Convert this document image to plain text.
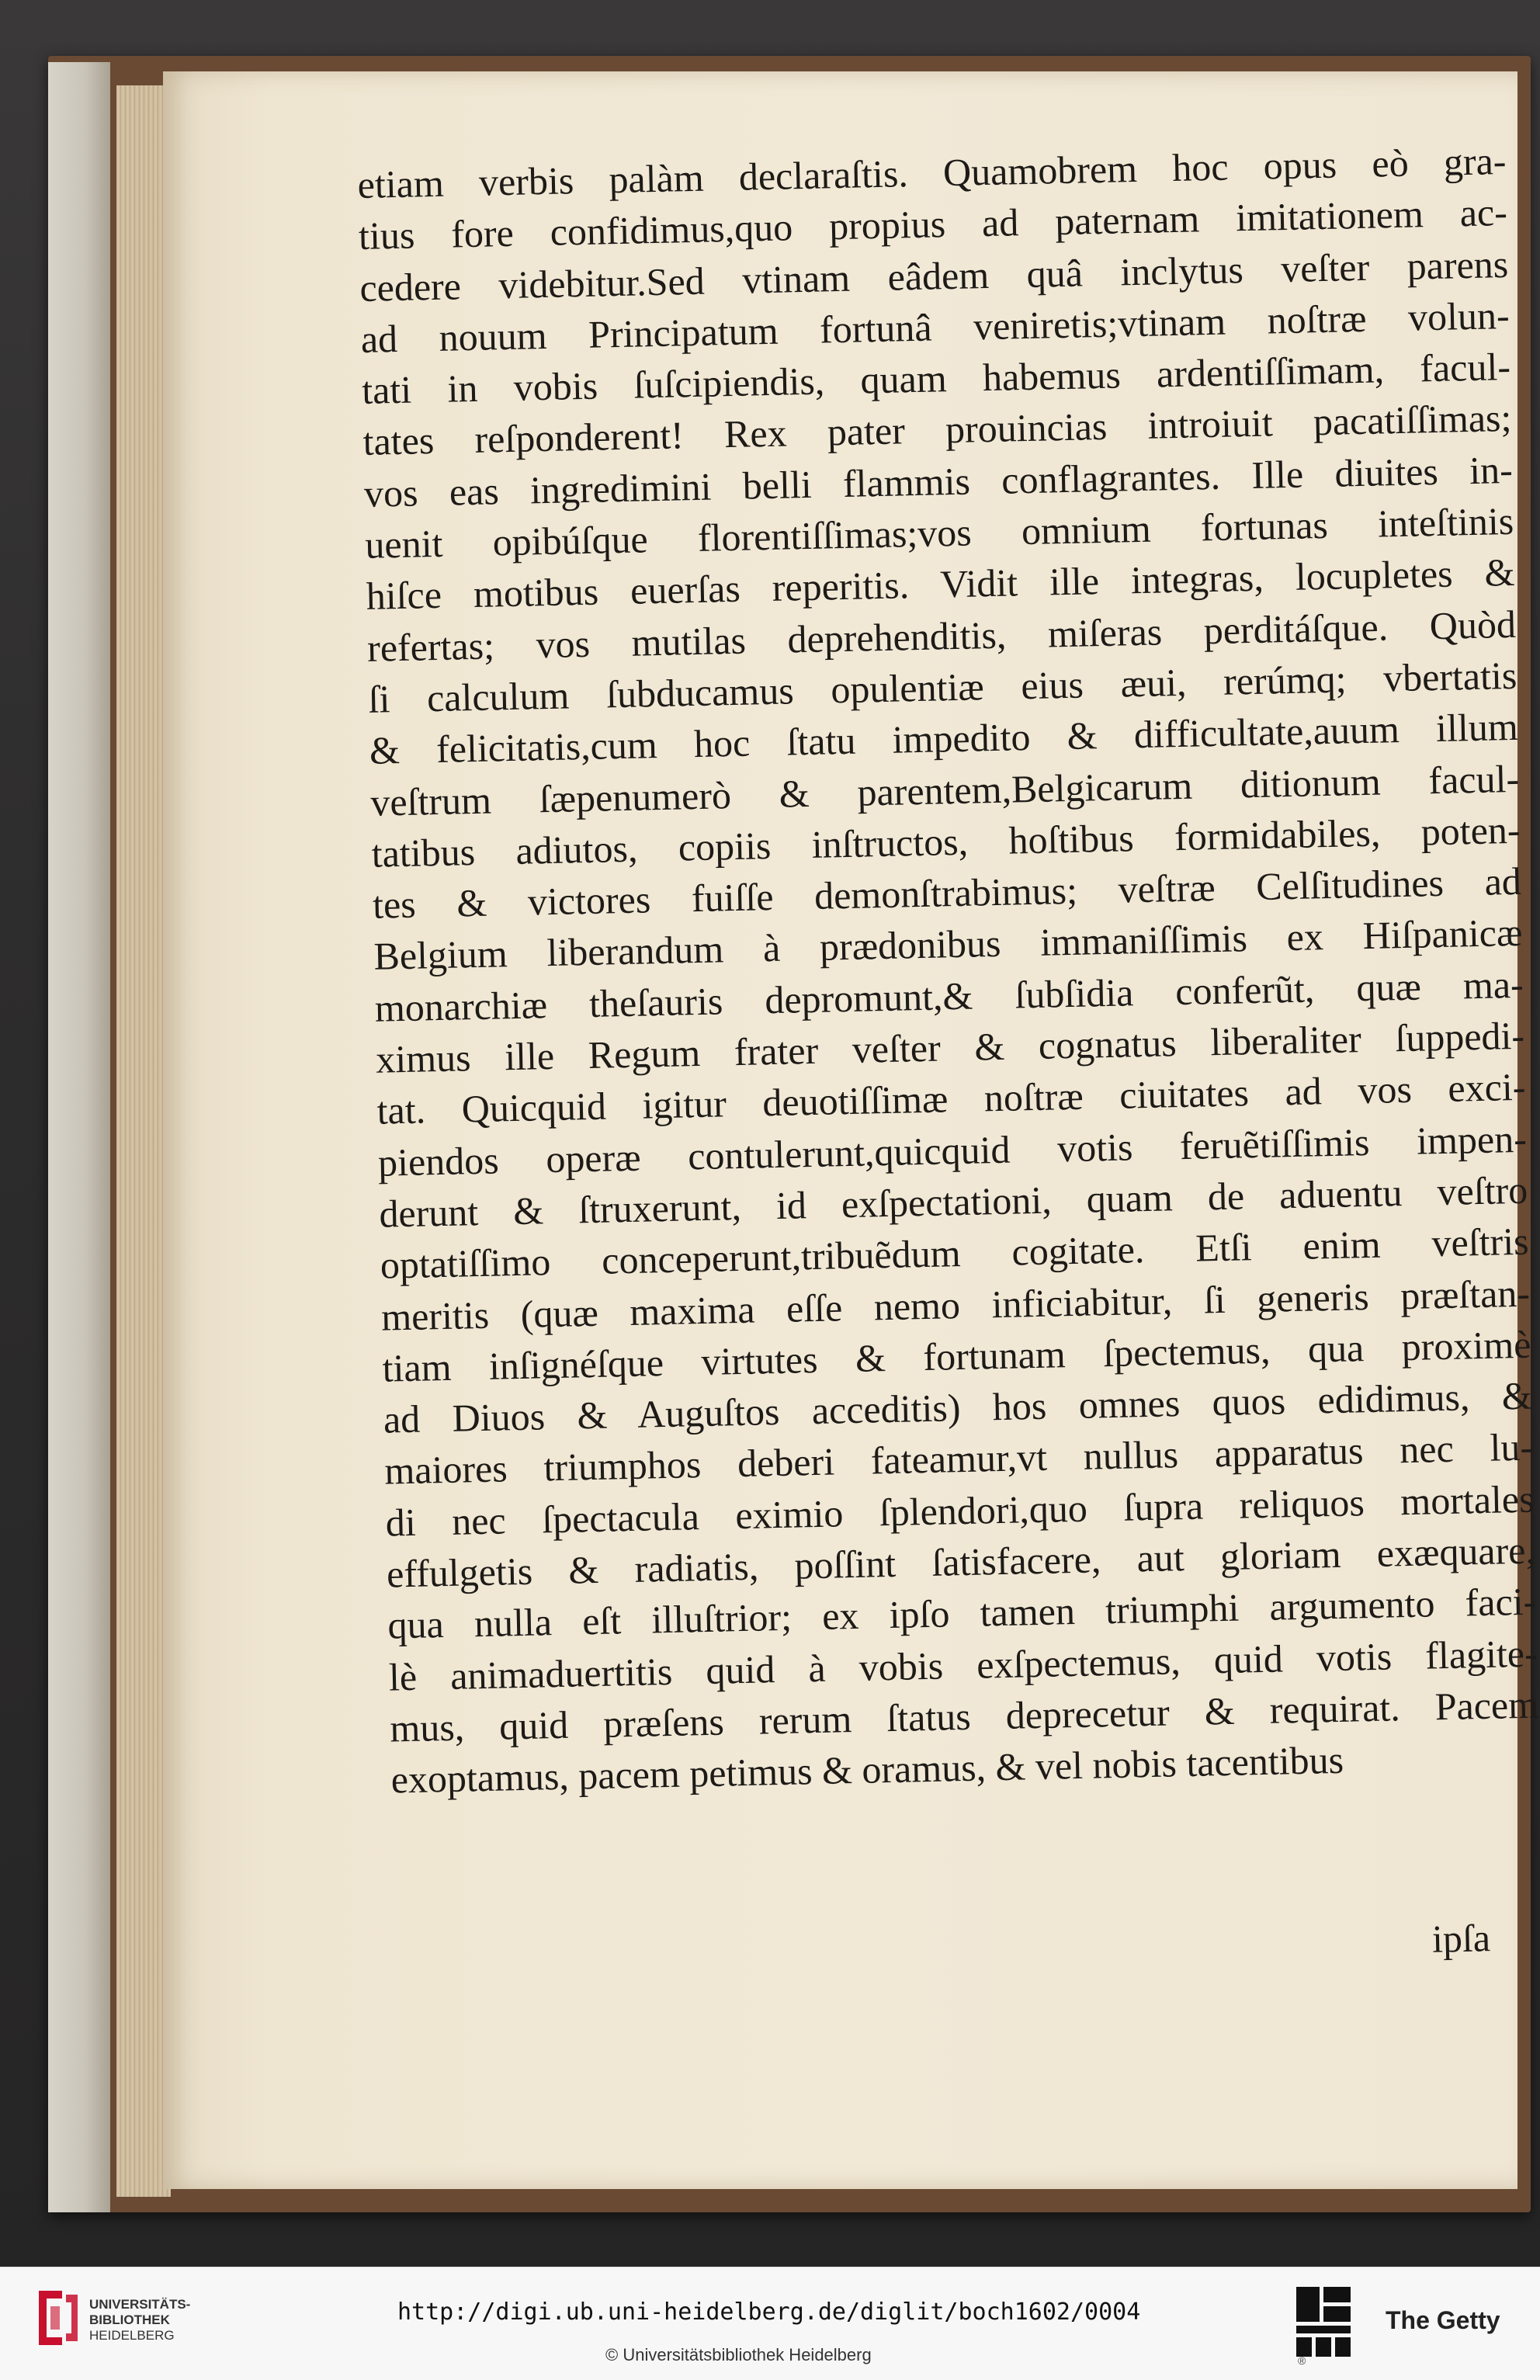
etiam verbis palàm declaraſtis. Quamobrem hoc opus eò gra-
tius fore confidimus,quo propius ad paternam imitationem ac-
cedere videbitur.Sed vtinam eâdem quâ inclytus veſter parens
ad nouum Principatum fortunâ veniretis;vtinam noſtræ volun-
tati in vobis ſuſcipiendis, quam habemus ardentiſſimam, facul-
tates reſponderent! Rex pater prouincias introiuit pacatiſſimas;
vos eas ingredimini belli flammis conflagrantes. Ille diuites in-
uenit opibúſque florentiſſimas;vos omnium fortunas inteſtinis
hiſce motibus euerſas reperitis. Vidit ille integras, locupletes &
refertas; vos mutilas deprehenditis, miſeras perditáſque. Quòd
ſi calculum ſubducamus opulentiæ eius æui, rerúmq; vbertatis
& felicitatis,cum hoc ſtatu impedito & difficultate,auum illum
veſtrum ſæpenumerò & parentem,Belgicarum ditionum facul-
tatibus adiutos, copiis inſtructos, hoſtibus formidabiles, poten-
tes & victores fuiſſe demonſtrabimus; veſtræ Celſitudines ad
Belgium liberandum à prædonibus immaniſſimis ex Hiſpanicæ
monarchiæ theſauris depromunt,& ſubſidia conferũt, quæ ma-
ximus ille Regum frater veſter & cognatus liberaliter ſuppedi-
tat. Quicquid igitur deuotiſſimæ noſtræ ciuitates ad vos exci-
piendos operæ contulerunt,quicquid votis feruẽtiſſimis impen-
derunt & ſtruxerunt, id exſpectationi, quam de aduentu veſtro
optatiſſimo conceperunt,tribuẽdum cogitate. Etſi enim veſtris
meritis (quæ maxima eſſe nemo inficiabitur, ſi generis præſtan-
tiam inſignéſque virtutes & fortunam ſpectemus, qua proximè
ad Diuos & Auguſtos acceditis) hos omnes quos edidimus, &
maiores triumphos deberi fateamur,vt nullus apparatus nec lu-
di nec ſpectacula eximio ſplendori,quo ſupra reliquos mortales
effulgetis & radiatis, poſſint ſatisfacere, aut gloriam exæquare,
qua nulla eſt illuſtrior; ex ipſo tamen triumphi argumento faci-
lè animaduertitis quid à vobis exſpectemus, quid votis flagite-
mus, quid præſens rerum ſtatus deprecetur & requirat. Pacem
exoptamus, pacem petimus & oramus, & vel nobis tacentibus
ipſa
UNIVERSITÄTS-
BIBLIOTHEK
HEIDELBERG
http://digi.ub.uni-heidelberg.de/diglit/boch1602/0004
© Universitätsbibliothek Heidelberg	®
The Getty
